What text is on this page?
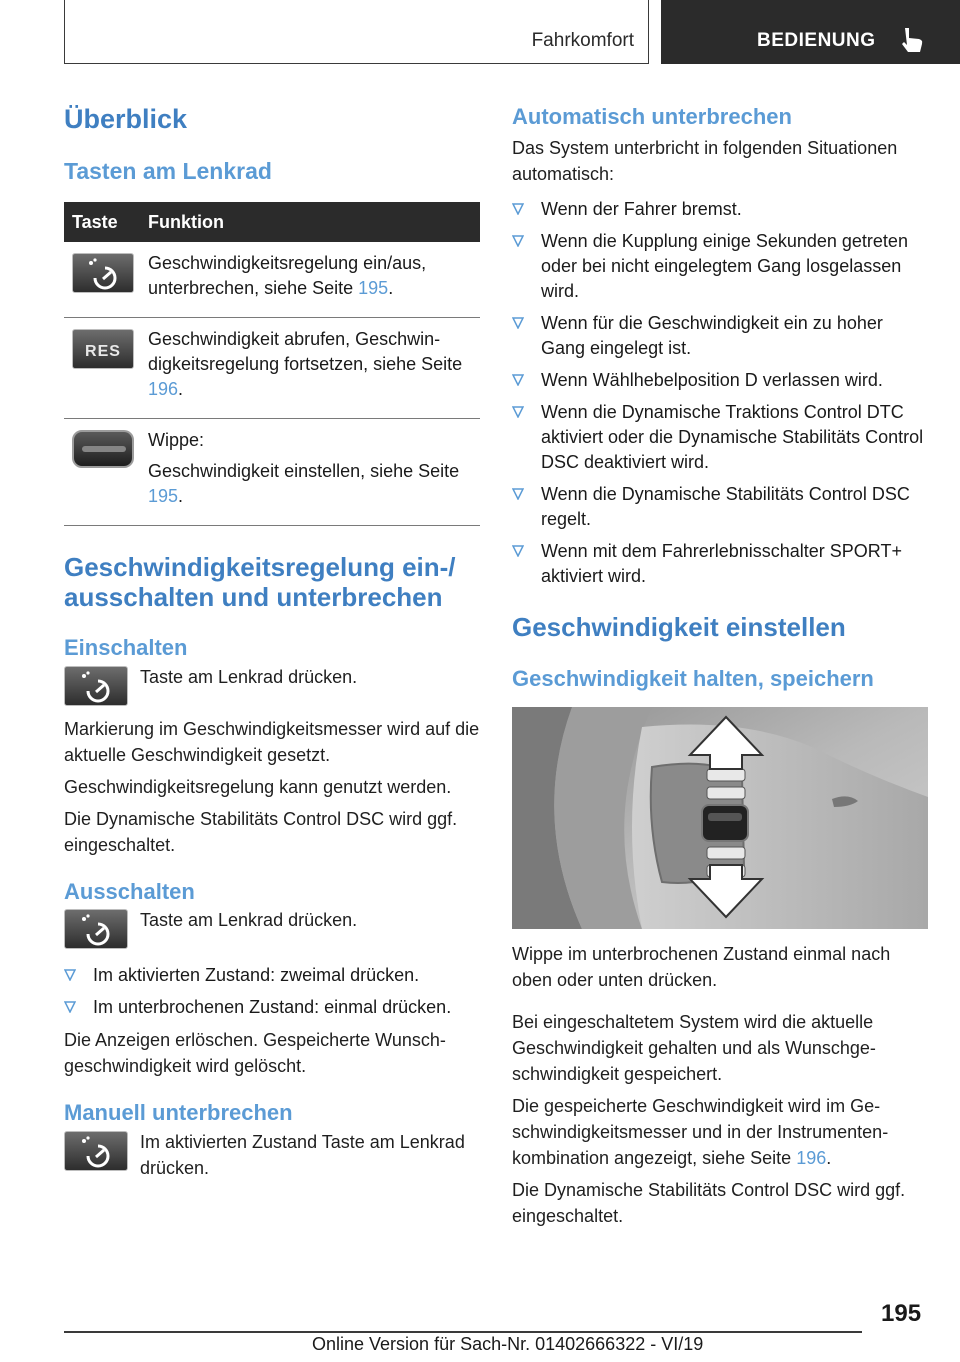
Fahrkomfort	BEDIENUNG
Überblick
Tasten am Lenkrad
Taste	Funktion

	Geschwindigkeitsregelung ein/aus, unterbrechen, siehe Seite 195.

RES	Geschwindigkeit abrufen, Geschwindigkeitsregelung fortsetzen, siehe Seite 196.

	Wippe:
Geschwindigkeit einstellen, siehe Seite 195.
Geschwindigkeitsregelung ein-/ ausschalten und unterbrechen
Einschalten

Taste am Lenkrad drücken.

Markierung im Geschwindigkeitsmesser wird auf die aktuelle Geschwindigkeit gesetzt.

Geschwindigkeitsregelung kann genutzt werden.

Die Dynamische Stabilitäts Control DSC wird ggf. eingeschaltet.

Ausschalten

Taste am Lenkrad drücken.

Im aktivierten Zustand: zweimal drücken.
Im unterbrochenen Zustand: einmal drücken.

Die Anzeigen erlöschen. Gespeicherte Wunschgeschwindigkeit wird gelöscht.

Manuell unterbrechen

Im aktivierten Zustand Taste am Lenkrad drücken.

Automatisch unterbrechen

Das System unterbricht in folgenden Situationen automatisch:

Wenn der Fahrer bremst.
Wenn die Kupplung einige Sekunden getreten oder bei nicht eingelegtem Gang losgelassen wird.
Wenn für die Geschwindigkeit ein zu hoher Gang eingelegt ist.
Wenn Wählhebelposition D verlassen wird.
Wenn die Dynamische Traktions Control DTC aktiviert oder die Dynamische Stabilitäts Control DSC deaktiviert wird.
Wenn die Dynamische Stabilitäts Control DSC regelt.
Wenn mit dem Fahrerlebnisschalter SPORT+ aktiviert wird.
Geschwindigkeit einstellen
Geschwindigkeit halten, speichern

Wippe im unterbrochenen Zustand einmal nach oben oder unten drücken.

Bei eingeschaltetem System wird die aktuelle Geschwindigkeit gehalten und als Wunschgeschwindigkeit gespeichert.

Die gespeicherte Geschwindigkeit wird im Geschwindigkeitsmesser und in der Instrumentenkombination angezeigt, siehe Seite 196.

Die Dynamische Stabilitäts Control DSC wird ggf. eingeschaltet.

195
Online Version für Sach-Nr. 01402666322 - VI/19
